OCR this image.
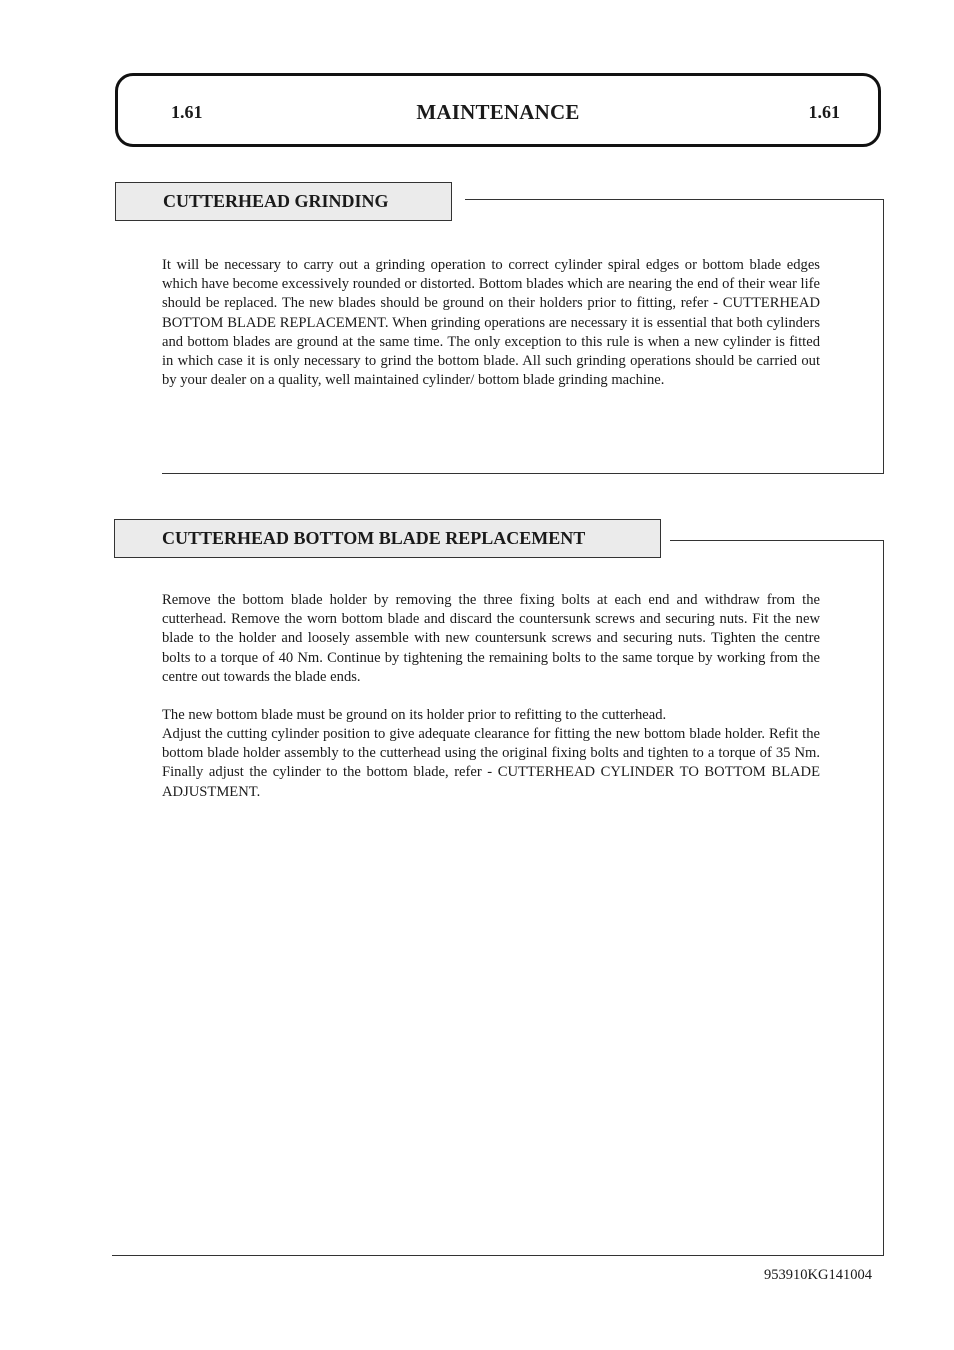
1.61	MAINTENANCE	1.61
CUTTERHEAD GRINDING

It will be necessary to carry out a grinding operation to correct cylinder spiral edges or bottom blade edges which have become excessively rounded or distorted. Bottom blades which are nearing the end of their wear life should be replaced. The new blades should be ground on their holders prior to fitting, refer - CUTTERHEAD BOTTOM BLADE REPLACEMENT. When grinding operations are necessary it is essential that both cylinders and bottom blades are ground at the same time. The only exception to this rule is when a new cylinder is fitted in which case it is only necessary to grind the bottom blade. All such grinding operations should be carried out by your dealer on a quality, well maintained cylinder/ bottom blade grinding machine.

CUTTERHEAD BOTTOM BLADE REPLACEMENT

Remove the bottom blade holder by removing the three fixing bolts at each end and withdraw from the cutterhead. Remove the worn bottom blade and discard the countersunk screws and securing nuts. Fit the new blade to the holder and loosely assemble with new countersunk screws and securing nuts. Tighten the centre bolts to a torque of 40 Nm. Continue by tightening the remaining bolts to the same torque by working from the centre out towards the blade ends.

The new bottom blade must be ground on its holder prior to refitting to the cutterhead.

Adjust the cutting cylinder position to give adequate clearance for fitting the new bottom blade holder. Refit the bottom blade holder assembly to the cutterhead using the original fixing bolts and tighten to a torque of 35 Nm. Finally adjust the cylinder to the bottom blade, refer - CUTTERHEAD CYLINDER TO BOTTOM BLADE ADJUSTMENT.

953910KG141004
